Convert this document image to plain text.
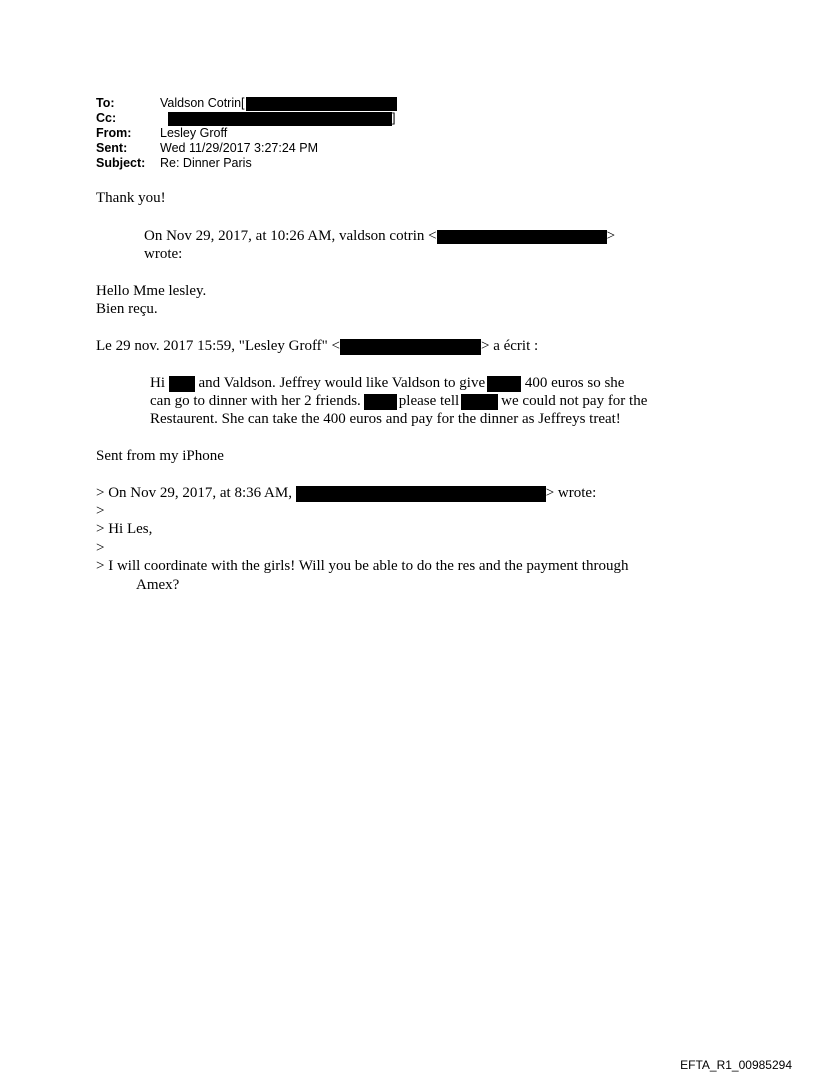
To:	Valdson Cotrin[
Cc:	]
From: Lesley Groff
Sent:	Wed 11/29/2017 3:27:24 PM
Subject: Re: Dinner Paris
Thank you!
On Nov 29, 2017, at 10:26 AM, valdson cotrin <	>
wrote:
Hello Mme lesley.
Bien reçu.
Le 29 nov. 2017 15:59, "Lesley Groff" <	> a écrit :
Hi and Valdson. Jeffrey would like Valdson to give	400 euros so she
can go to dinner with her 2 friends.	please tell	we could not pay for the
Restaurent. She can take the 400 euros and pay for the dinner as Jeffreys treat!
Sent from my iPhone
> On Nov 29, 2017, at 8:36 AM,	> wrote:
>
> Hi Les,
>
> I will coordinate with the girls! Will you be able to do the res and the payment through
Amex?
EFTA_R1_00985294
